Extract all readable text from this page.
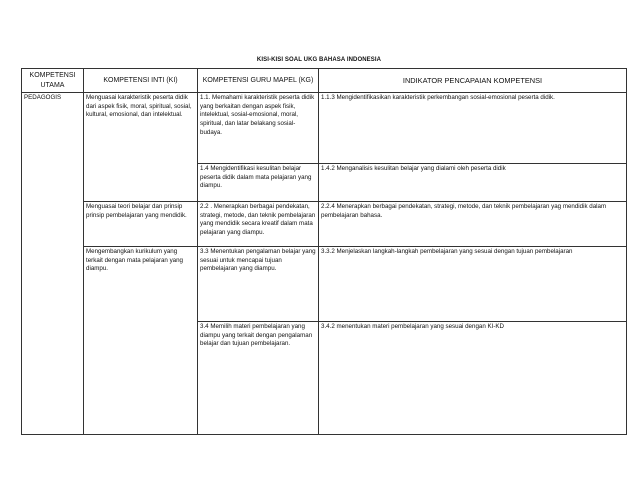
KISI-KISI SOAL UKG BAHASA INDONESIA
KOMPETENSI UTAMA	KOMPETENSI INTI (KI)	KOMPETENSI GURU MAPEL (KG)	INDIKATOR PENCAPAIAN KOMPETENSI
PEDAGOGIS	Menguasai karakteristik peserta didik dari aspek fisik, moral, spiritual, sosial, kultural, emosional, dan intelektual.	1.1. Memahami karakteristik peserta didik yang berkaitan dengan aspek fisik, intelektual, sosial-emosional, moral, spiritual, dan latar belakang sosial-budaya.	1.1.3 Mengidentifikasikan karakteristik perkembangan sosial-emosional peserta didik.
		1.4 Mengidentifikasi kesulitan belajar peserta didik dalam mata pelajaran yang diampu.	1.4.2 Menganalisis kesulitan belajar yang dialami oleh peserta didik
	Menguasai teori belajar dan prinsip prinsip pembelajaran yang mendidik.	2.2 . Menerapkan berbagai pendekatan, strategi, metode, dan teknik pembelajaran yang mendidik secara kreatif dalam mata pelajaran yang diampu.	2.2.4 Menerapkan berbagai pendekatan, strategi, metode, dan teknik pembelajaran yag mendidik dalam pembelajaran bahasa.
	Mengembangkan kurikulum yang terkait dengan mata pelajaran yang diampu.	3.3 Menentukan pengalaman belajar yang sesuai untuk mencapai tujuan pembelajaran yang diampu.	3.3.2 Menjelaskan langkah-langkah pembelajaran yang sesuai dengan tujuan pembelajaran
		3.4 Memilih materi pembelajaran yang diampu yang terkait dengan pengalaman belajar dan tujuan pembelajaran.	3.4.2 menentukan materi pembelajaran yang sesuai dengan KI-KD
